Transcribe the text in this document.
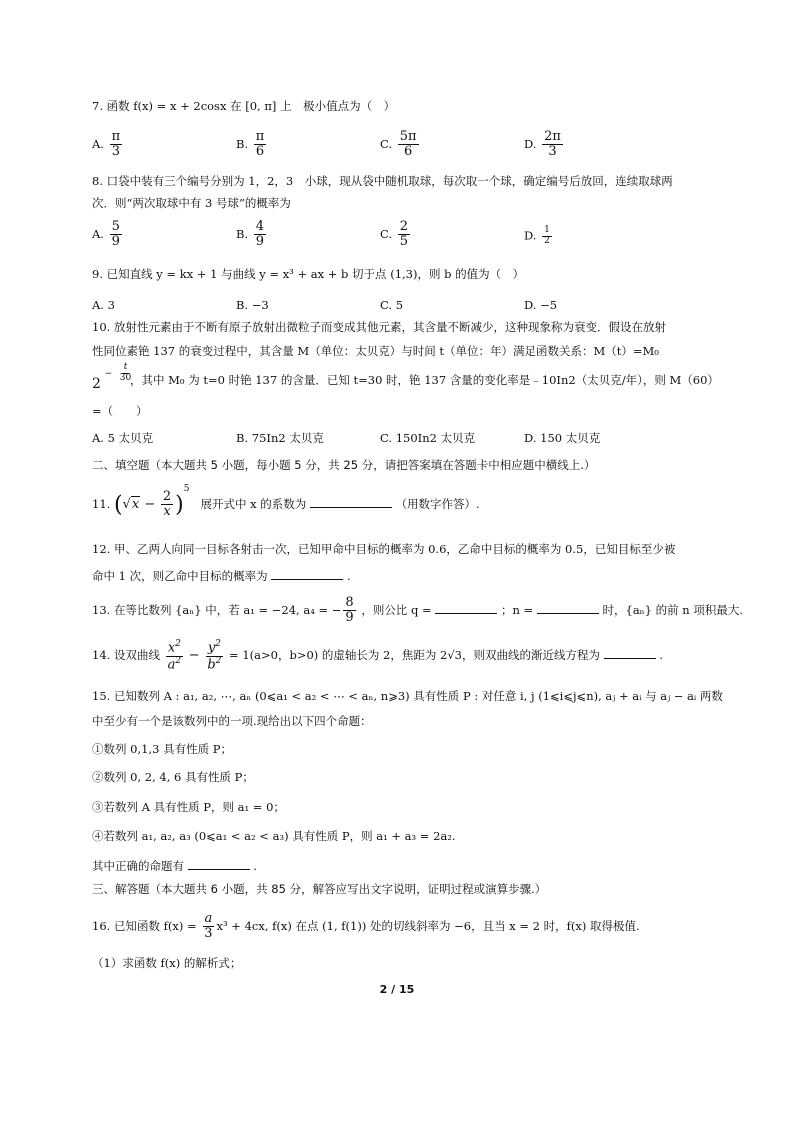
7. 函数 f(x) = x + 2cosx 在 [0, π] 上　极小值点为（　）
A. $\frac{\pi}{3}$	B. $\frac{\pi}{6}$	C. $\frac{5\pi}{6}$	D. $\frac{2\pi}{3}$
8. 口袋中装有三个编号分别为 1，2，3　小球，现从袋中随机取球，每次取一个球，确定编号后放回，连续取球两
次．则“两次取球中有 3 号球”的概率为
A. $\frac{5}{9}$	B. $\frac{4}{9}$	C. $\frac{2}{5}$	D. $\frac{1}{2}$
9. 已知直线 y = kx + 1 与曲线 y = x³ + ax + b 切于点 (1,3)，则 b 的值为（　）
A. 3	B. −3	C. 5	D. −5
10. 放射性元素由于不断有原子放射出微粒子而变成其他元素，其含量不断减少，这种现象称为衰变．假设在放射
性同位素铯 137 的衰变过程中，其含量 M（单位：太贝克）与时间 t（单位：年）满足函数关系：M（t）=M₀
2 $^- \frac{t}{30}$
，其中 M₀ 为 t=0 时铯 137 的含量．已知 t=30 时，铯 137 含量的变化率是﹣10In2（太贝克/年），则 M（60）
=（　　）
A. 5 太贝克	B. 75In2 太贝克	C. 150In2 太贝克	D. 150 太贝克
二、填空题（本大题共 5 小题，每小题 5 分，共 25 分，请把答案填在答题卡中相应题中横线上.）
11. $(√x - \frac{2}{x} )^5$   展开式中 x 的系数为	（用数字作答）.
12. 甲、乙两人向同一目标各射击一次，已知甲命中目标的概率为 0.6，乙命中目标的概率为 0.5，已知目标至少被
命中 1 次，则乙命中目标的概率为	.
13. 在等比数列 {aₙ} 中，若 a₁ = −24, a₄ = − $\frac{8}{9}$ ，则公比 q =	；n =	时，{aₙ} 的前 n 项积最大.
14. 设双曲线 $\frac{x^2}{a^2} - \frac{y^2}{b^2} = 1(a>0$，b>0) 的虚轴长为 2，焦距为 2√3，则双曲线的渐近线方程为	.
15. 已知数列 A : a₁, a₂, ⋯, aₙ (0⩽a₁ < a₂ < ⋯ < aₙ, n⩾3) 具有性质 P : 对任意 i, j (1⩽i⩽j⩽n), aⱼ + aᵢ 与 aⱼ − aᵢ 两数
中至少有一个是该数列中的一项.现给出以下四个命题：
①数列 0,1,3 具有性质 P；
②数列 0, 2, 4, 6 具有性质 P；
③若数列 A 具有性质 P，则 a₁ = 0；
④若数列 a₁, a₂, a₃ (0⩽a₁ < a₂ < a₃) 具有性质 P，则 a₁ + a₃ = 2a₂.
其中正确的命题有	.
三、解答题（本大题共 6 小题，共 85 分，解答应写出文字说明，证明过程或演算步骤.）
16. 已知函数 $f(x) = \frac{a}{3} x^3 + 4cx$, f(x) 在点 (1, f(1)) 处的切线斜率为 −6，且当 x = 2 时，f(x) 取得极值.
（1）求函数 f(x) 的解析式；
2 / 15
